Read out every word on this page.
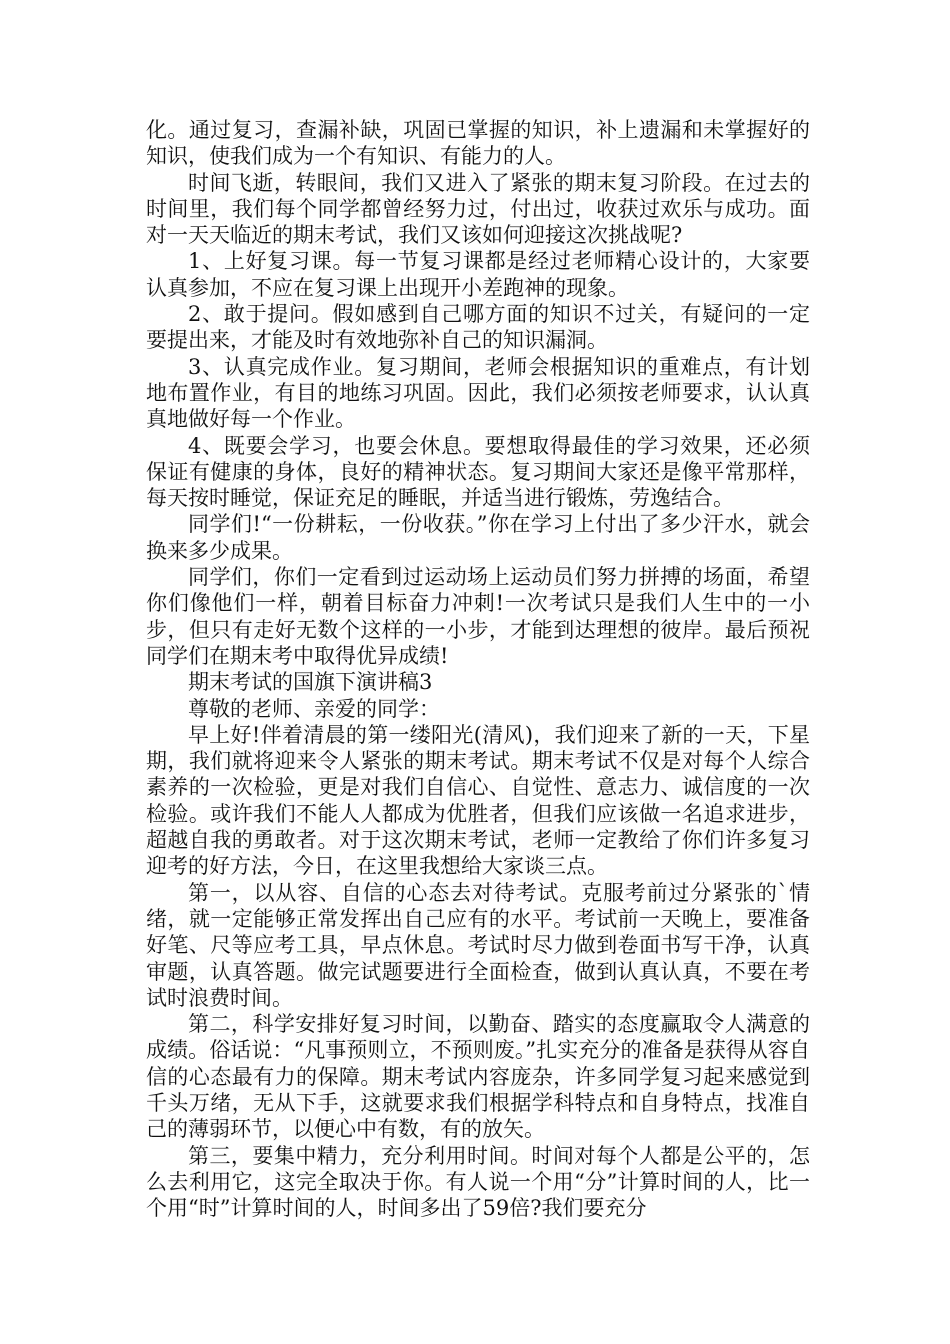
化。通过复习，查漏补缺，巩固已掌握的知识，补上遗漏和未掌握好的知识，使我们成为一个有知识、有能力的人。

时间飞逝，转眼间，我们又进入了紧张的期末复习阶段。在过去的时间里，我们每个同学都曾经努力过，付出过，收获过欢乐与成功。面对一天天临近的期末考试，我们又该如何迎接这次挑战呢?

1、上好复习课。每一节复习课都是经过老师精心设计的，大家要认真参加，不应在复习课上出现开小差跑神的现象。

2、敢于提问。假如感到自己哪方面的知识不过关，有疑问的一定要提出来，才能及时有效地弥补自己的知识漏洞。

3、认真完成作业。复习期间，老师会根据知识的重难点，有计划地布置作业，有目的地练习巩固。因此，我们必须按老师要求，认认真真地做好每一个作业。

4、既要会学习，也要会休息。要想取得最佳的学习效果，还必须保证有健康的身体，良好的精神状态。复习期间大家还是像平常那样，每天按时睡觉，保证充足的睡眠，并适当进行锻炼，劳逸结合。

同学们!“一份耕耘，一份收获。”你在学习上付出了多少汗水，就会换来多少成果。

同学们，你们一定看到过运动场上运动员们努力拼搏的场面，希望你们像他们一样，朝着目标奋力冲刺!一次考试只是我们人生中的一小步，但只有走好无数个这样的一小步，才能到达理想的彼岸。最后预祝同学们在期末考中取得优异成绩!

期末考试的国旗下演讲稿3

尊敬的老师、亲爱的同学：

早上好!伴着清晨的第一缕阳光(清风)，我们迎来了新的一天，下星期，我们就将迎来令人紧张的期末考试。期末考试不仅是对每个人综合素养的一次检验，更是对我们自信心、自觉性、意志力、诚信度的一次检验。或许我们不能人人都成为优胜者，但我们应该做一名追求进步，超越自我的勇敢者。对于这次期末考试，老师一定教给了你们许多复习迎考的好方法，今日，在这里我想给大家谈三点。

第一，以从容、自信的心态去对待考试。克服考前过分紧张的`情绪，就一定能够正常发挥出自己应有的水平。考试前一天晚上，要准备好笔、尺等应考工具，早点休息。考试时尽力做到卷面书写干净，认真审题，认真答题。做完试题要进行全面检查，做到认真认真，不要在考试时浪费时间。

第二，科学安排好复习时间，以勤奋、踏实的态度赢取令人满意的成绩。俗话说：“凡事预则立，不预则废。”扎实充分的准备是获得从容自信的心态最有力的保障。期末考试内容庞杂，许多同学复习起来感觉到千头万绪，无从下手，这就要求我们根据学科特点和自身特点，找准自己的薄弱环节，以便心中有数，有的放矢。

第三，要集中精力，充分利用时间。时间对每个人都是公平的，怎么去利用它，这完全取决于你。有人说一个用“分”计算时间的人，比一个用“时”计算时间的人，时间多出了59倍?我们要充分
